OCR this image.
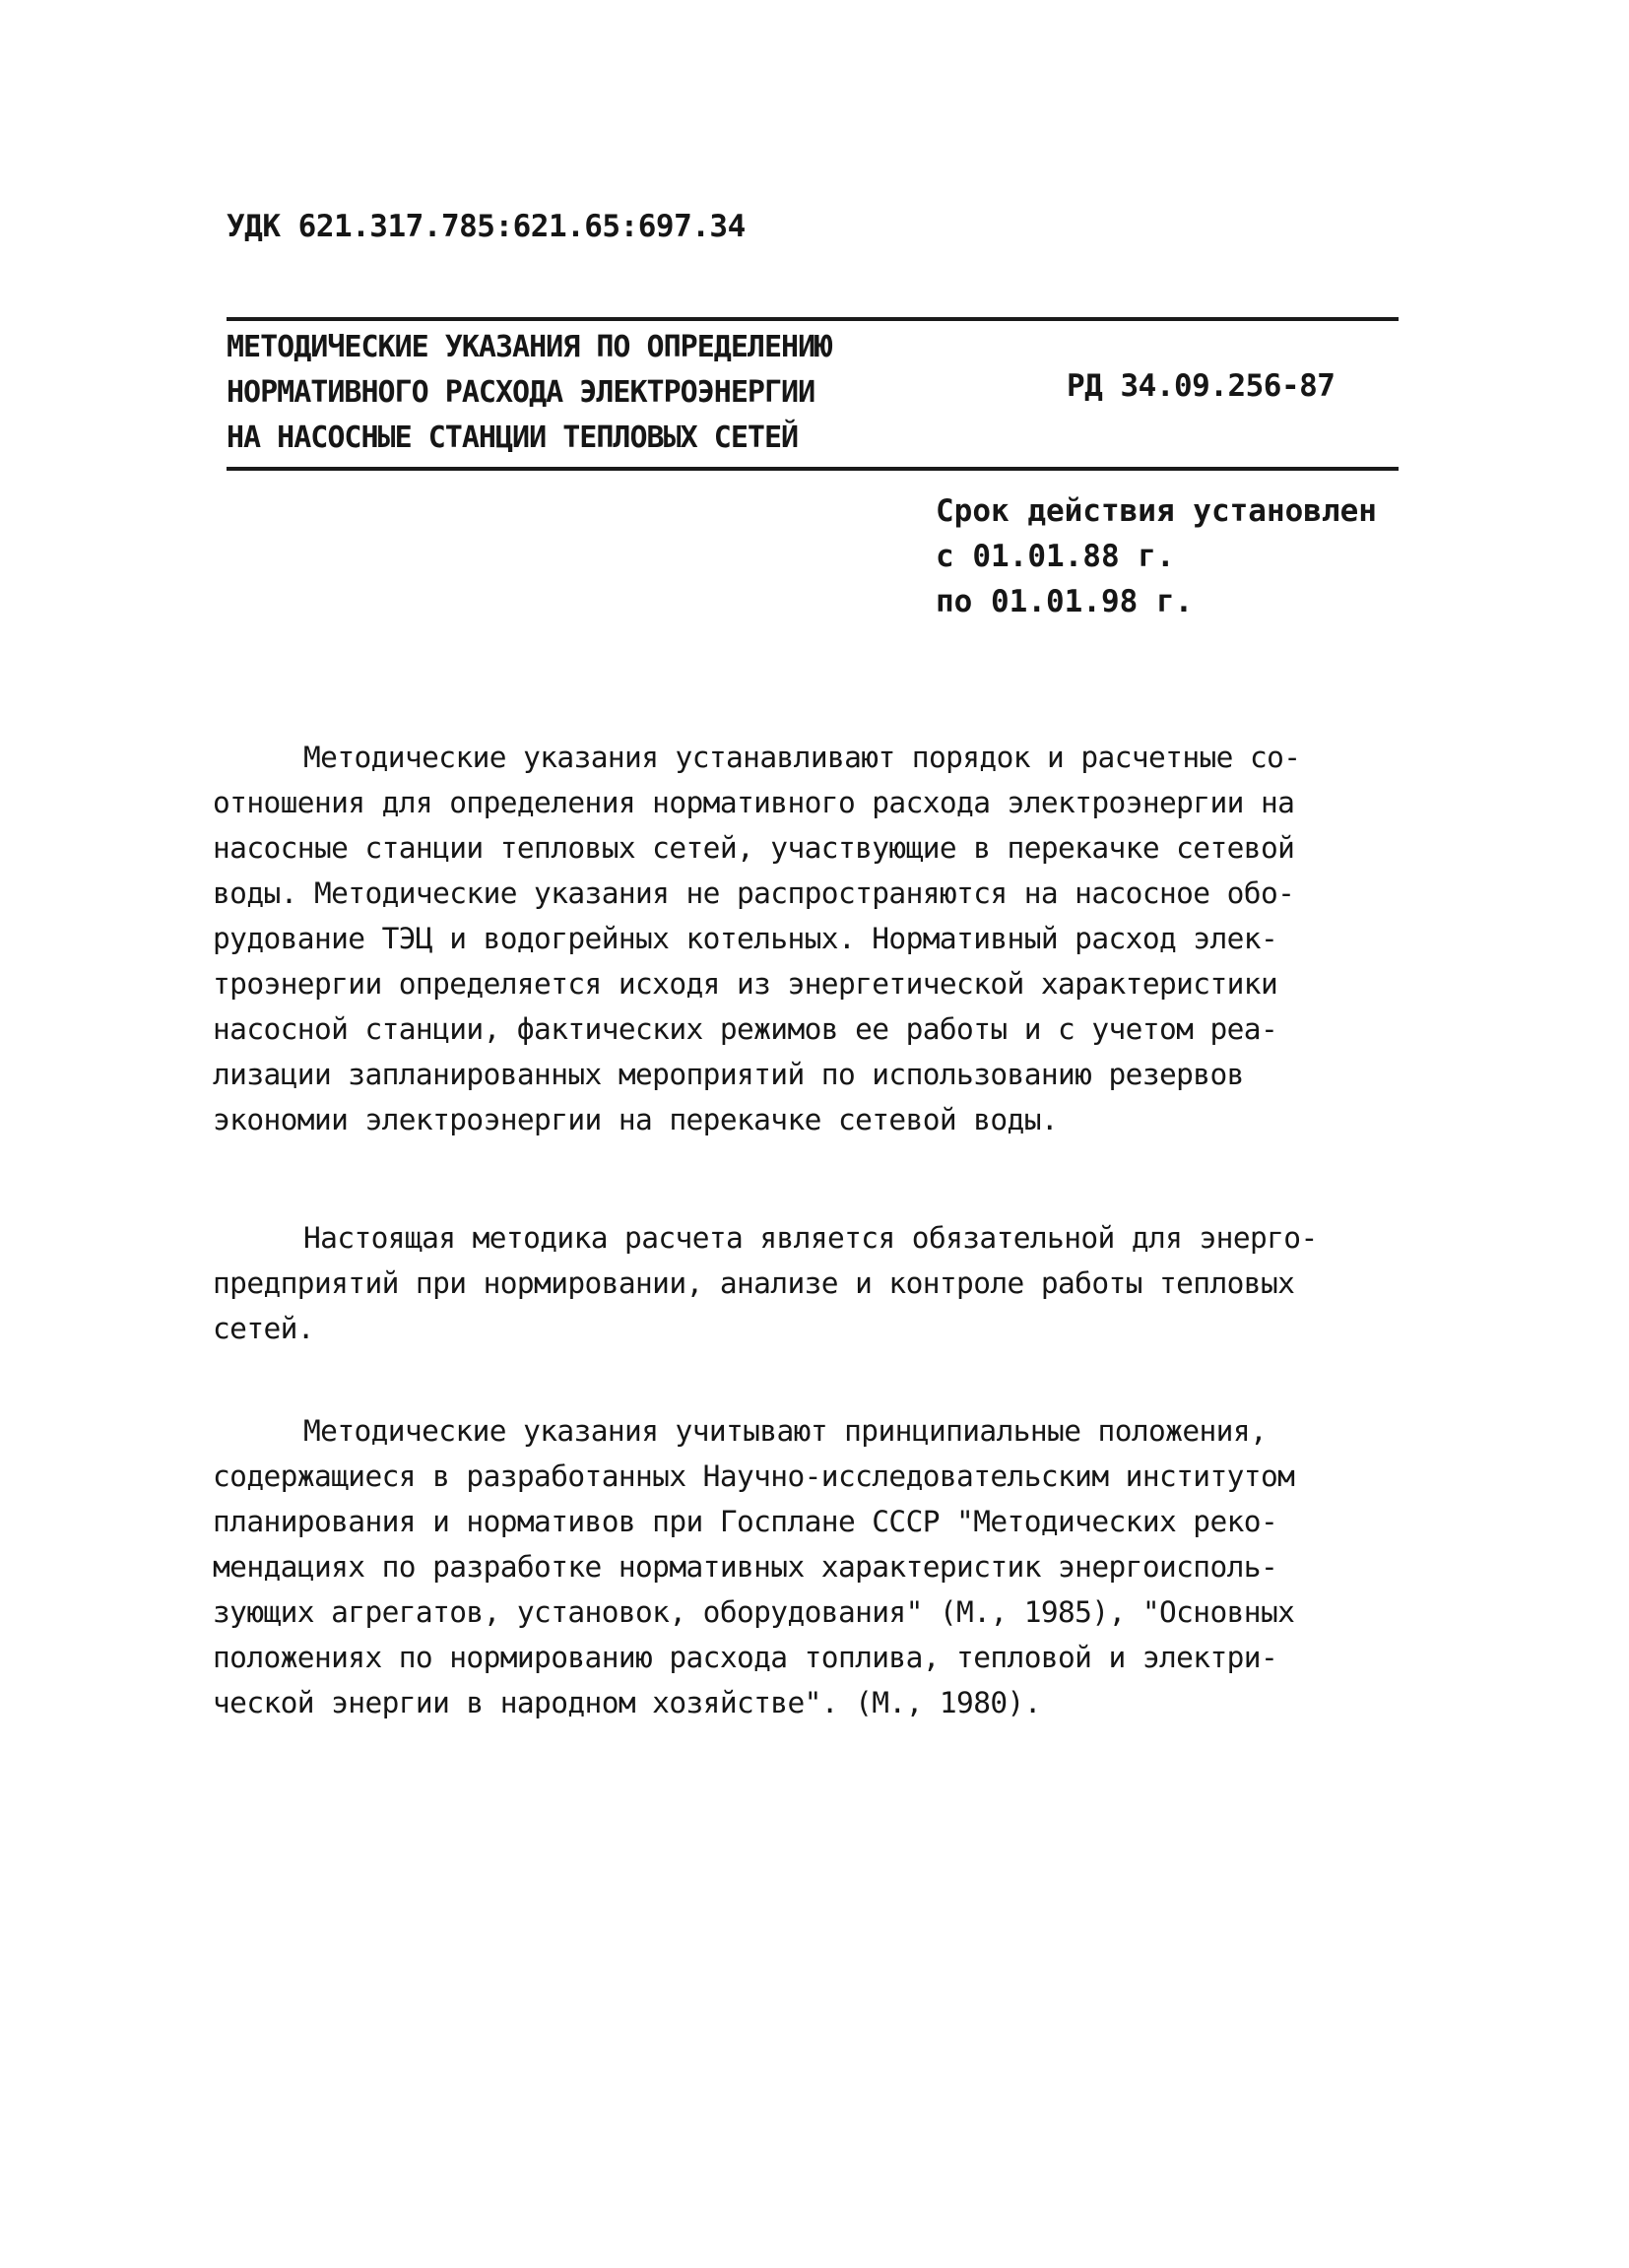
УДК 621.317.785:621.65:697.34
МЕТОДИЧЕСКИЕ УКАЗАНИЯ ПО ОПРЕДЕЛЕНИЮ
НОРМАТИВНОГО РАСХОДА ЭЛЕКТРОЭНЕРГИИ
НА НАСОСНЫЕ СТАНЦИИ ТЕПЛОВЫХ СЕТЕЙ
РД 34.09.256-87
Срок действия установлен
с 01.01.88 г.
по 01.01.98 г.
Методические указания устанавливают порядок и расчетные со-
отношения для определения нормативного расхода электроэнергии на
насосные станции тепловых сетей, участвующие в перекачке сетевой
воды. Методические указания не распространяются на насосное обо-
рудование ТЭЦ и водогрейных котельных. Нормативный расход элек-
троэнергии определяется исходя из энергетической характеристики
насосной станции, фактических режимов ее работы и с учетом реа-
лизации запланированных мероприятий по использованию резервов
экономии электроэнергии на перекачке сетевой воды.
Настоящая методика расчета является обязательной для энерго-
предприятий при нормировании, анализе и контроле работы тепловых
сетей.
Методические указания учитывают принципиальные положения,
содержащиеся в разработанных Научно-исследовательским институтом
планирования и нормативов при Госплане СССР "Методических реко-
мендациях по разработке нормативных характеристик энергоисполь-
зующих агрегатов, установок, оборудования" (М., 1985), "Основных
положениях по нормированию расхода топлива, тепловой и электри-
ческой энергии в народном хозяйстве". (М., 1980).
